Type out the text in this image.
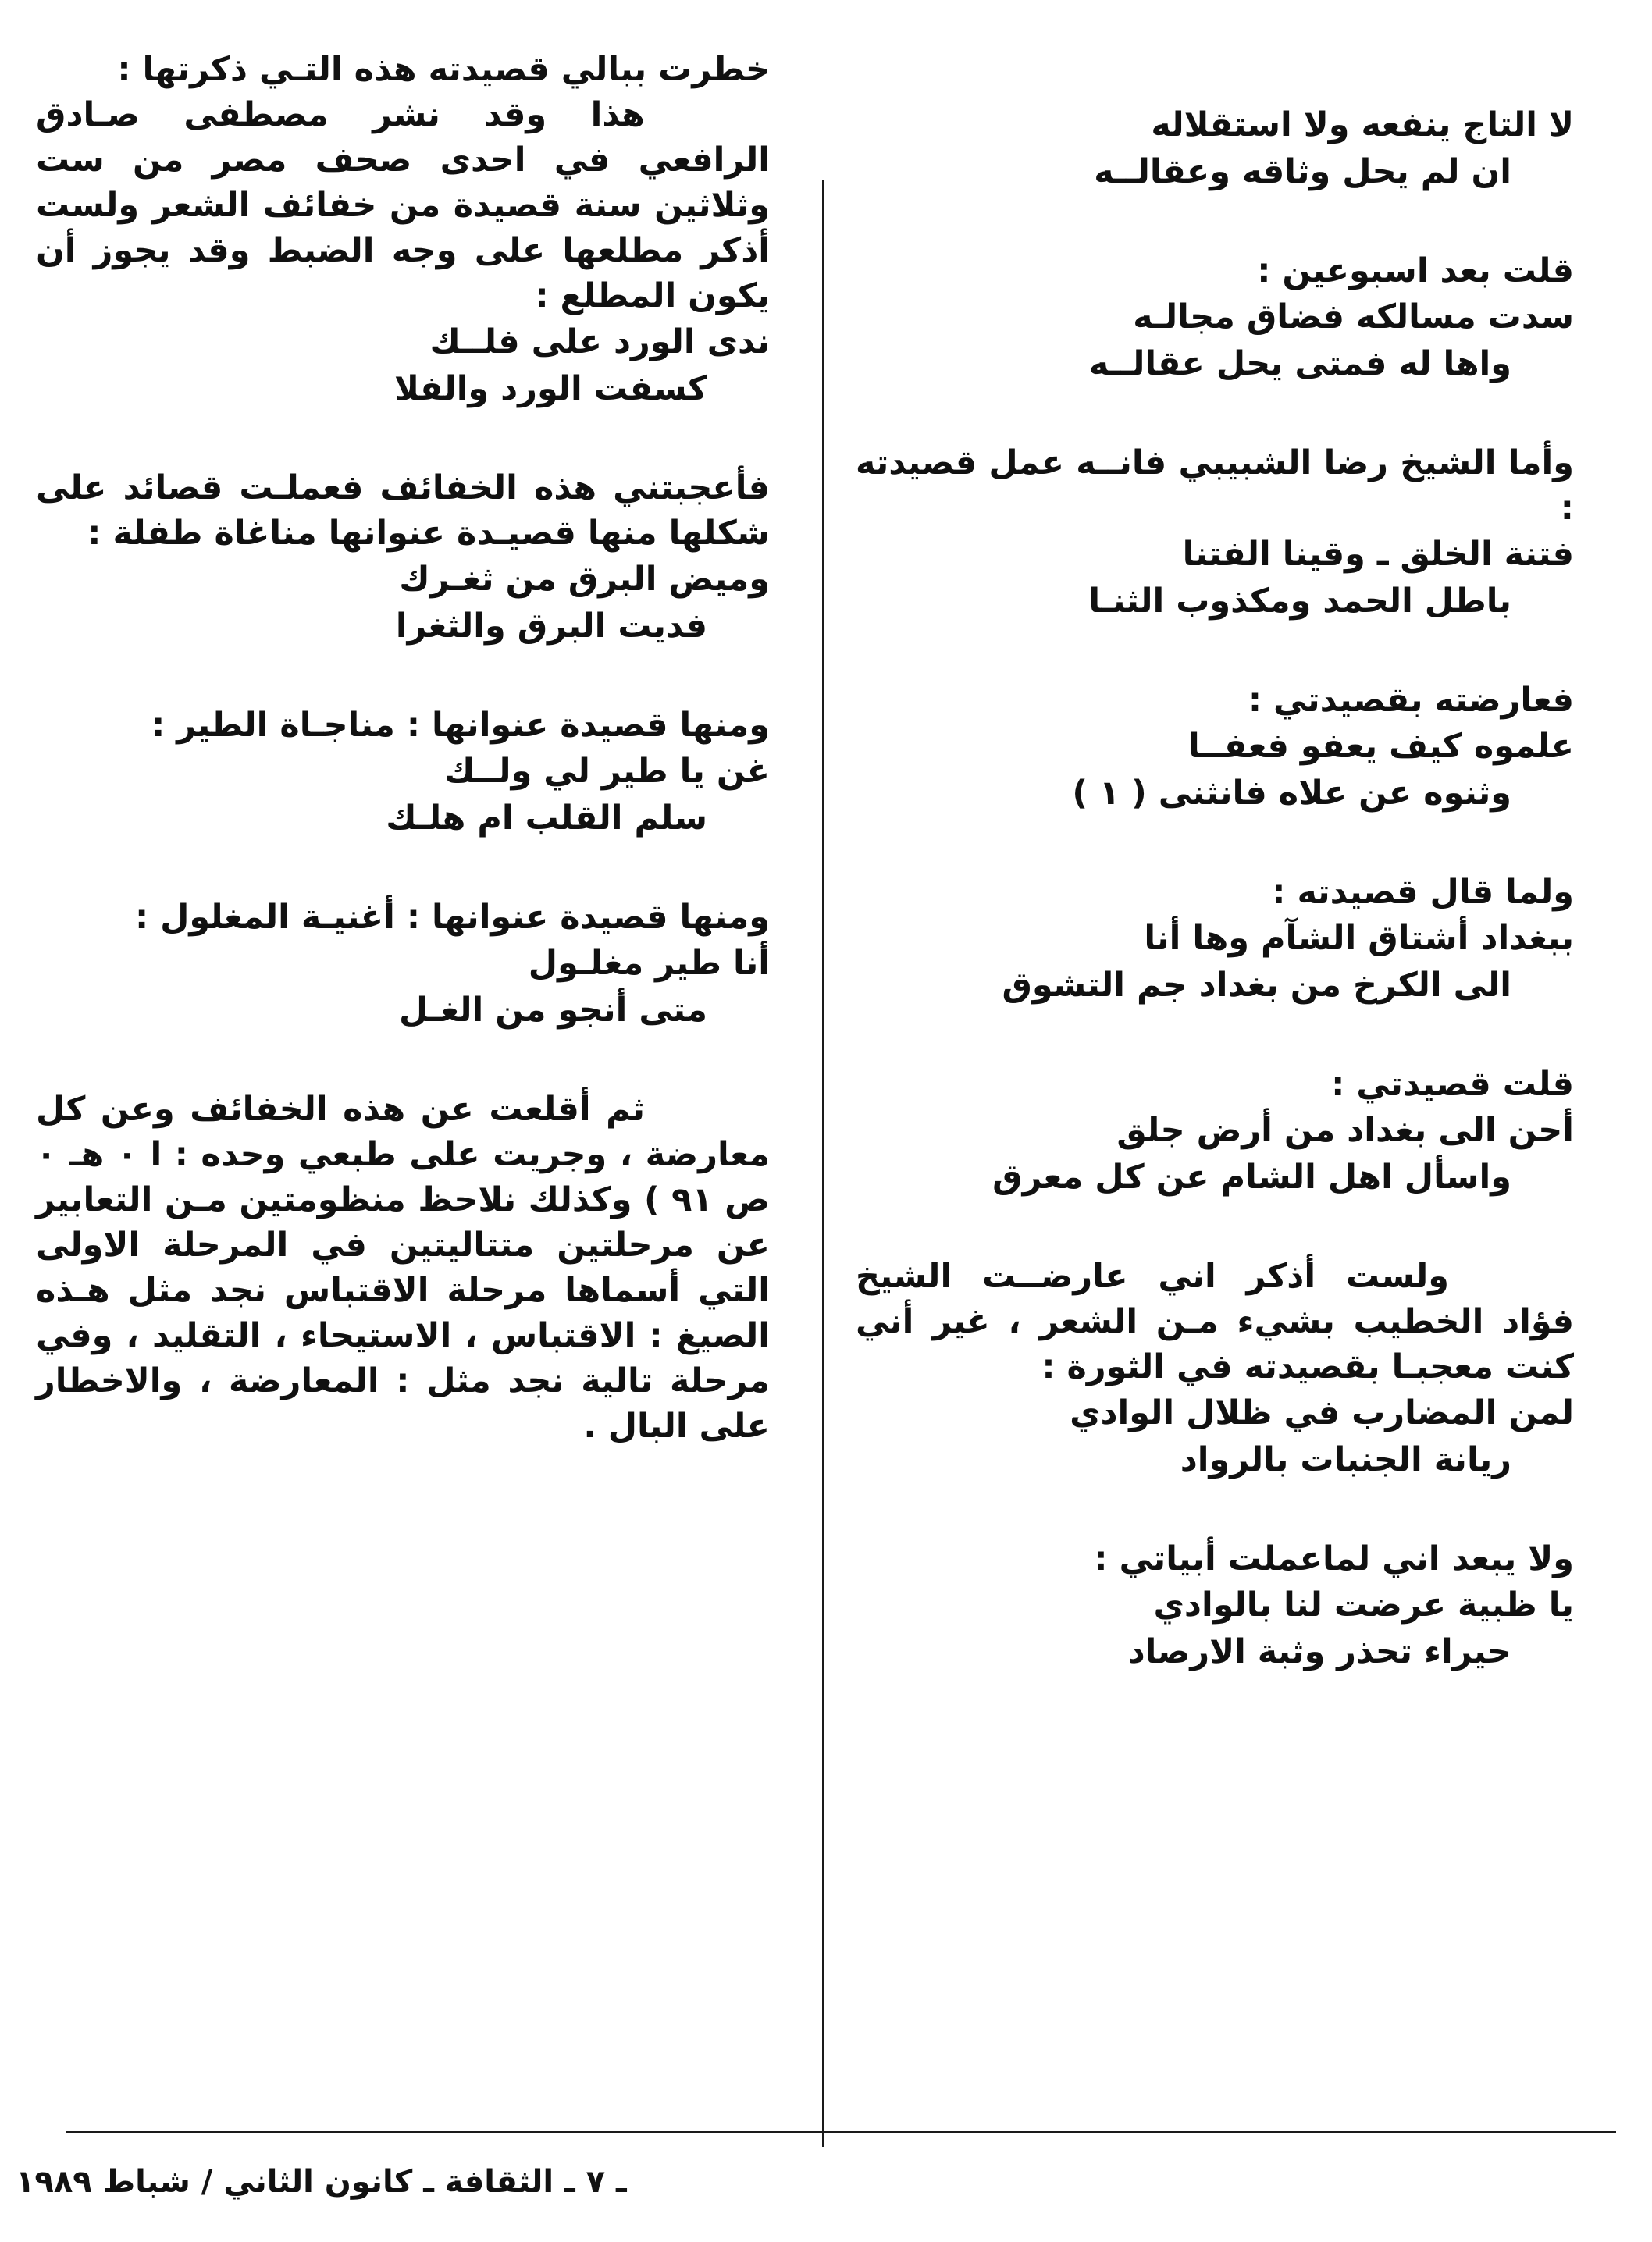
لا التاج ينفعه ولا استقلاله
ان لم يحل وثاقه وعقالــه
قلت بعد اسبوعين :
سدت مسالكه فضاق مجالـه
واها له فمتى يحل عقالــه
وأما الشيخ رضا الشبيبي فانــه عمل قصيدته :
فتنة الخلق ـ وقينا الفتنا
باطل الحمد ومكذوب الثنـا
فعارضته بقصيدتي :
علموه كيف يعفو فعفــا
وثنوه عن علاه فانثنى ( ١ )
ولما قال قصيدته :
ببغداد أشتاق الشآم وها أنا
الى الكرخ من بغداد جم التشوق
قلت قصيدتي :
أحن الى بغداد من أرض جلق
واسأل اهل الشام عن كل معرق
ولست أذكر اني عارضــت الشيخ فؤاد الخطيب بشيء مـن الشعر ، غير أني كنت معجبـا بقصيدته في الثورة :
لمن المضارب في ظلال الوادي
ريانة الجنبات بالرواد
ولا يبعد اني لماعملت أبياتي :
يا ظبية عرضت لنا بالوادي
حيراء تحذر وثبة الارصاد
خطرت ببالي قصيدته هذه التـي ذكرتها :
هذا وقد نشر مصطفى صـادق الرافعي في احدى صحف مصر من ست وثلاثين سنة قصيدة من خفائف الشعر ولست أذكر مطلعها على وجه الضبط وقد يجوز أن يكون المطلع :
ندى الورد على فلــك
كسفت الورد والفلا
فأعجبتني هذه الخفائف فعملـت قصائد على شكلها منها قصيـدة عنوانها مناغاة طفلة :
وميض البرق من ثغـرك
فديت البرق والثغرا
ومنها قصيدة عنوانها : مناجـاة الطير :
غن يا طير لي ولــك
سلم القلب ام هلـك
ومنها قصيدة عنوانها : أغنيـة المغلول :
أنا طير مغلـول
متى أنجو من الغـل
ثم أقلعت عن هذه الخفائف وعن كل معارضة ، وجريت على طبعي وحده : ا ٠ هـ ٠ ص ٩١ ) وكذلك نلاحظ منظومتين مـن التعابير عن مرحلتين متتاليتين في المرحلة الاولى التي أسماها مرحلة الاقتباس نجد مثل هـذه الصيغ : الاقتباس ، الاستيحاء ، التقليد ، وفي مرحلة تالية نجد مثل : المعارضة ، والاخطار على البال .
ـ ٧ ـ الثقافة ـ كانون الثاني / شباط ١٩٨٩
